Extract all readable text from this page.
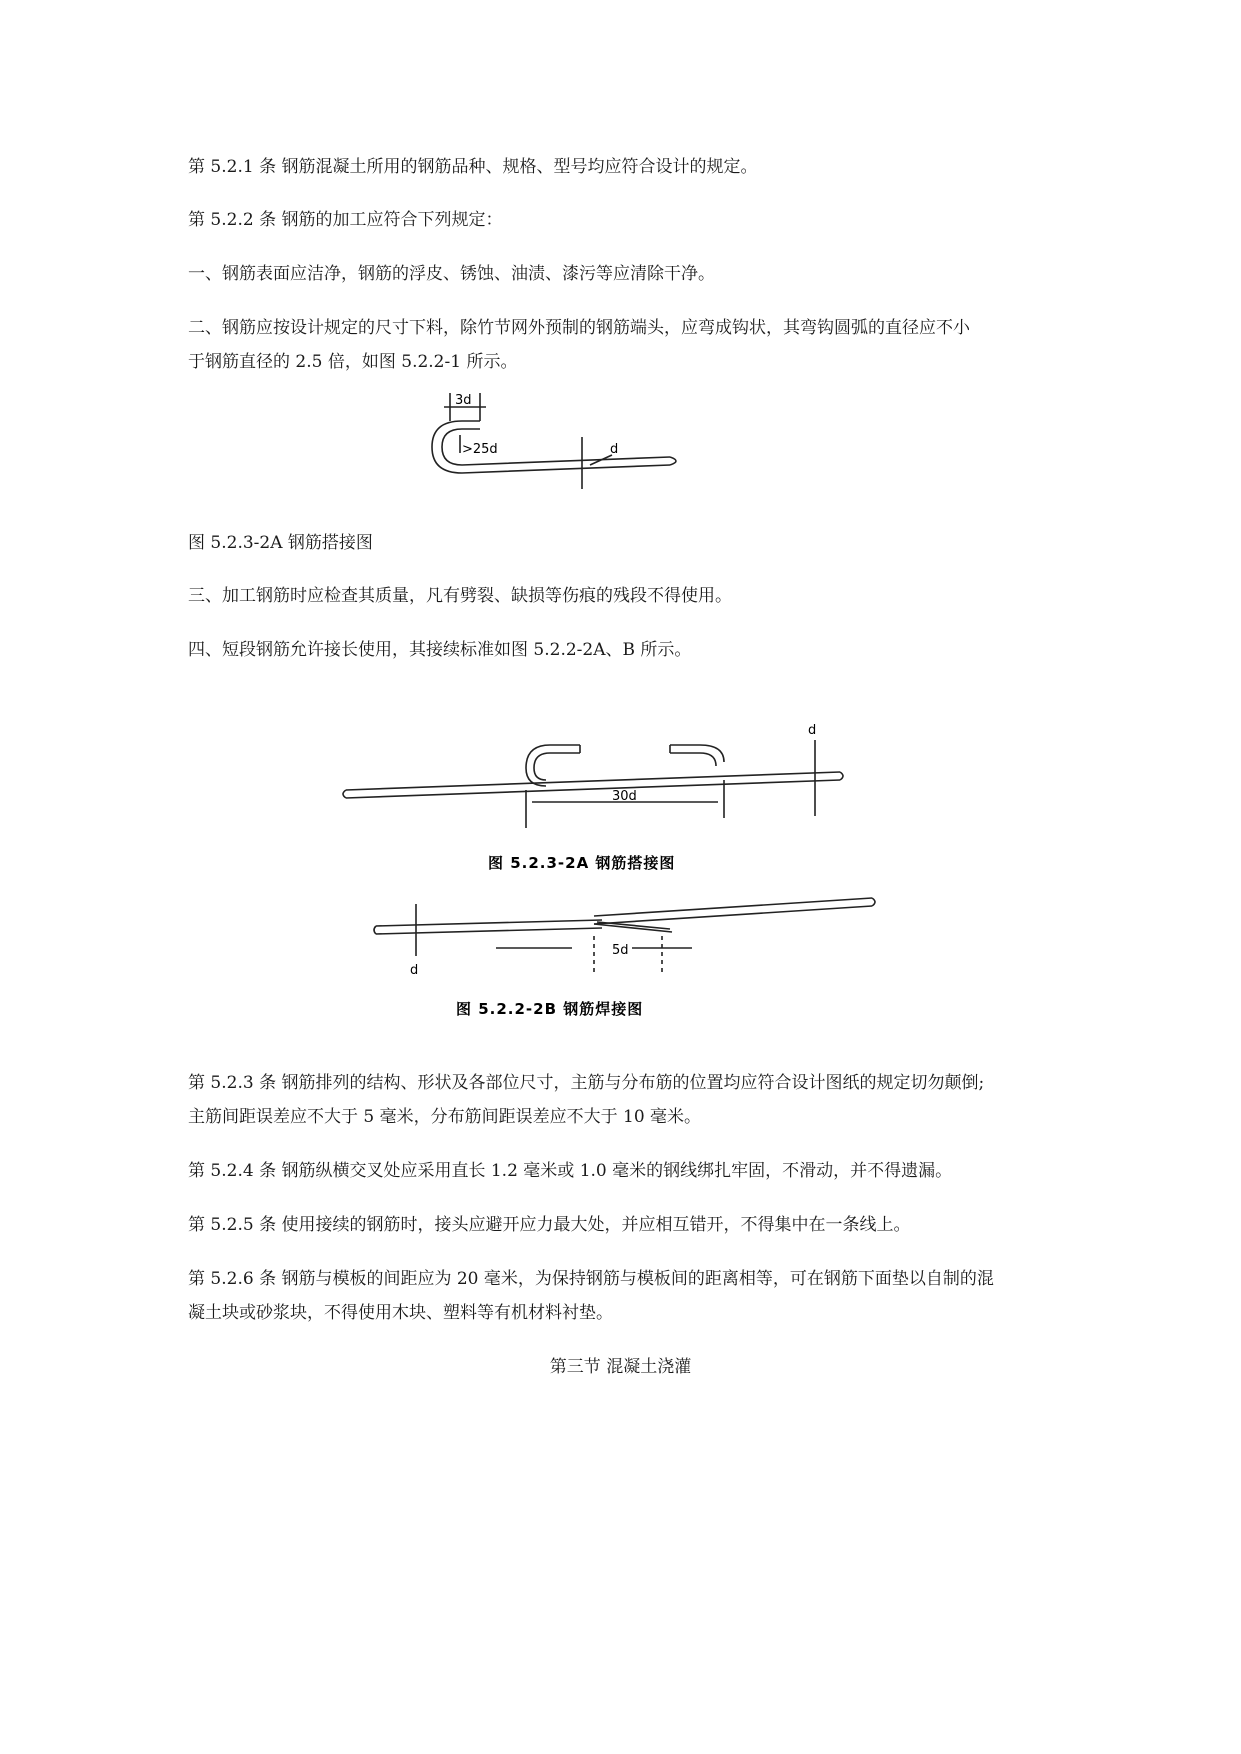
第 5.2.1 条 钢筋混凝土所用的钢筋品种、规格、型号均应符合设计的规定。

第 5.2.2 条 钢筋的加工应符合下列规定：

一、钢筋表面应洁净，钢筋的浮皮、锈蚀、油渍、漆污等应清除干净。

二、钢筋应按设计规定的尺寸下料，除竹节网外预制的钢筋端头，应弯成钩状，其弯钩圆弧的直径应不小

于钢筋直径的 2.5 倍，如图 5.2.2-1 所示。

3d
>25d	d

图 5.2.3-2A 钢筋搭接图

三、加工钢筋时应检查其质量，凡有劈裂、缺损等伤痕的残段不得使用。

四、短段钢筋允许接长使用，其接续标准如图 5.2.2-2A、B 所示。

d
30d
图 5.2.3-2A 钢筋搭接图
d
5d
图 5.2.2-2B 钢筋焊接图

第 5.2.3 条 钢筋排列的结构、形状及各部位尺寸，主筋与分布筋的位置均应符合设计图纸的规定切勿颠倒;

主筋间距误差应不大于 5 毫米，分布筋间距误差应不大于 10 毫米。

第 5.2.4 条 钢筋纵横交叉处应采用直长 1.2 毫米或 1.0 毫米的钢线绑扎牢固，不滑动，并不得遗漏。

第 5.2.5 条 使用接续的钢筋时，接头应避开应力最大处，并应相互错开，不得集中在一条线上。

第 5.2.6 条 钢筋与模板的间距应为 20 毫米，为保持钢筋与模板间的距离相等，可在钢筋下面垫以自制的混

凝土块或砂浆块，不得使用木块、塑料等有机材料衬垫。

第三节 混凝土浇灌
